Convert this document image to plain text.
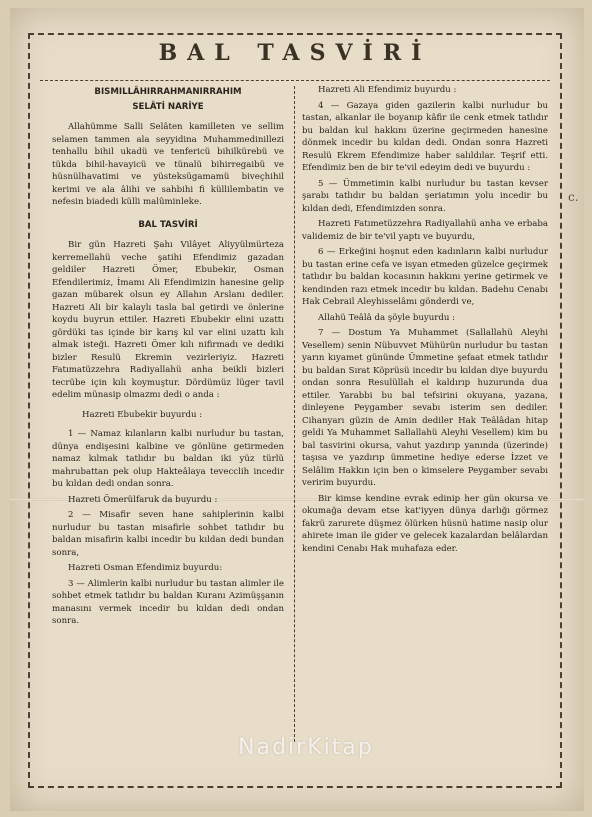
BAL TASVİRİ

BISMILLÂHIRRAHMANIRRAHIM

SELÂTİ NARİYE

Allahümme Salli Selâten kamilleten ve sellim selamen tammen ala seyyidina Muhammedinillezi tenhallu bihil ukadü ve tenfericü bihilkürebü ve tükda bihil-havayicü ve tünalü bihirregaibü ve hüsnülhavatimi ve yüsteksügamamü biveçhihil kerimi ve ala âlihi ve sahbihi fi küllilembatin ve nefesin biadedi külli malûminleke.

BAL TASVİRİ

Bir gün Hazreti Şahı Vilâyet Aliyyülmürteza kerremellahü veche şatihi Efendimiz gazadan geldiler Hazreti Ömer, Ebubekir, Osman Efendilerimiz, İmamı Ali Efendimizin hanesine gelip gazan mübarek olsun ey Allahın Arslanı dediler. Hazreti Ali bir kalaylı tasla bal getirdi ve önlerine koydu buyrun ettiler. Hazreti Ebubekir elini uzattı gördüki tas içinde bir karış kıl var elini uzattı kılı almak isteği. Hazreti Ömer kılı nifirmadı ve dediki bizler Resulü Ekremin vezirleriyiz. Hazreti Fatımatüzzehra Radiyallahü anha beikli bizleri tecrübe için kılı koymuştur. Dördümüz lüger tavil edelim münasip olmazmı dedi o anda :

Hazreti Ebubekir buyurdu :

1 — Namaz kılanların kalbi nurludur bu tastan, dünya endişesini kalbine ve gönlüne getirmeden namaz kılmak tatlıdır bu baldan iki yüz türlü mahrubattan pek olup Hakteâlaya tevecclih incedir bu kıldan dedi ondan sonra.

Hazreti Ömerülfaruk da buyurdu :

2 — Misafir seven hane sahiplerinin kalbi nurludur bu tastan misafirle sohbet tatlıdır bu baldan misafirin kalbi incedir bu kıldan dedi bundan sonra,

Hazreti Osman Efendimiz buyurdu:

3 — Alimlerin kalbi nurludur bu tastan alimler ile sohbet etmek tatlıdır bu baldan Kuranı Azimüşşanın manasını vermek incedir bu kıldan dedi ondan sonra.

Hazreti Ali Efendimiz buyurdu :

4 — Gazaya giden gazilerin kalbi nurludur bu tastan, alkanlar ile boyanıp kâfir ile cenk etmek tatlıdır bu baldan kul hakkını üzerine geçirmeden hanesine dönmek incedir bu kıldan dedi. Ondan sonra Hazreti Resulü Ekrem Efendimize haber salıldılar. Teşrif etti. Efendimiz ben de bir te'vil edeyim dedi ve buyurdu :

5 — Ümmetimin kalbi nurludur bu tastan kevser şarabı tatlıdır bu baldan şeriatımın yolu incedir bu kıldan dedi, Efendimizden sonra.

Hazreti Fatımetüzzehra Radiyallahü anha ve erbaba validemiz de bir te'vil yaptı ve buyurdu,

6 — Erkeğini hoşnut eden kadınların kalbi nurludur bu tastan erine cefa ve isyan etmeden güzelce geçirmek tatlıdır bu baldan kocasının hakkını yerine getirmek ve kendinden razı etmek incedir bu kıldan. Badehu Cenabı Hak Cebrail Aleyhisselâmı gönderdi ve,

Allahü Teâlâ da şöyle buyurdu :

7 — Dostum Ya Muhammet (Sallallahü Aleyhi Vesellem) senin Nübuvvet Mühürün nurludur bu tastan yarın kıyamet gününde Ümmetine şefaat etmek tatlıdır bu baldan Sırat Köprüsü incedir bu kıldan diye buyurdu ondan sonra Resulüllah el kaldırıp huzurunda dua ettiler. Yarabbi bu bal tefsirini okuyana, yazana, dinleyene Peygamber sevabı isterim sen dediler. Cihanyarı güzin de Amin dediler Hak Teâlâdan hitap geldi Ya Muhammet Sallallahü Aleyhi Vesellem) kim bu bal tasvirini okursa, vahut yazdırıp yanında (üzerinde) taşısa ve yazdırıp ümmetine hediye ederse İzzet ve Selâlim Hakkın için ben o kimselere Peygamber sevabı veririm buyurdu.

Bir kimse kendine evrak edinip her gün okursa ve okumağa devam etse kat'iyyen dünya darlığı görmez fakrü zarurete düşmez ölürken hüsnü hatime nasip olur ahirete iman ile gider ve gelecek kazalardan belâlardan kendini Cenabı Hak muhafaza eder.

c.
NadirKitap
